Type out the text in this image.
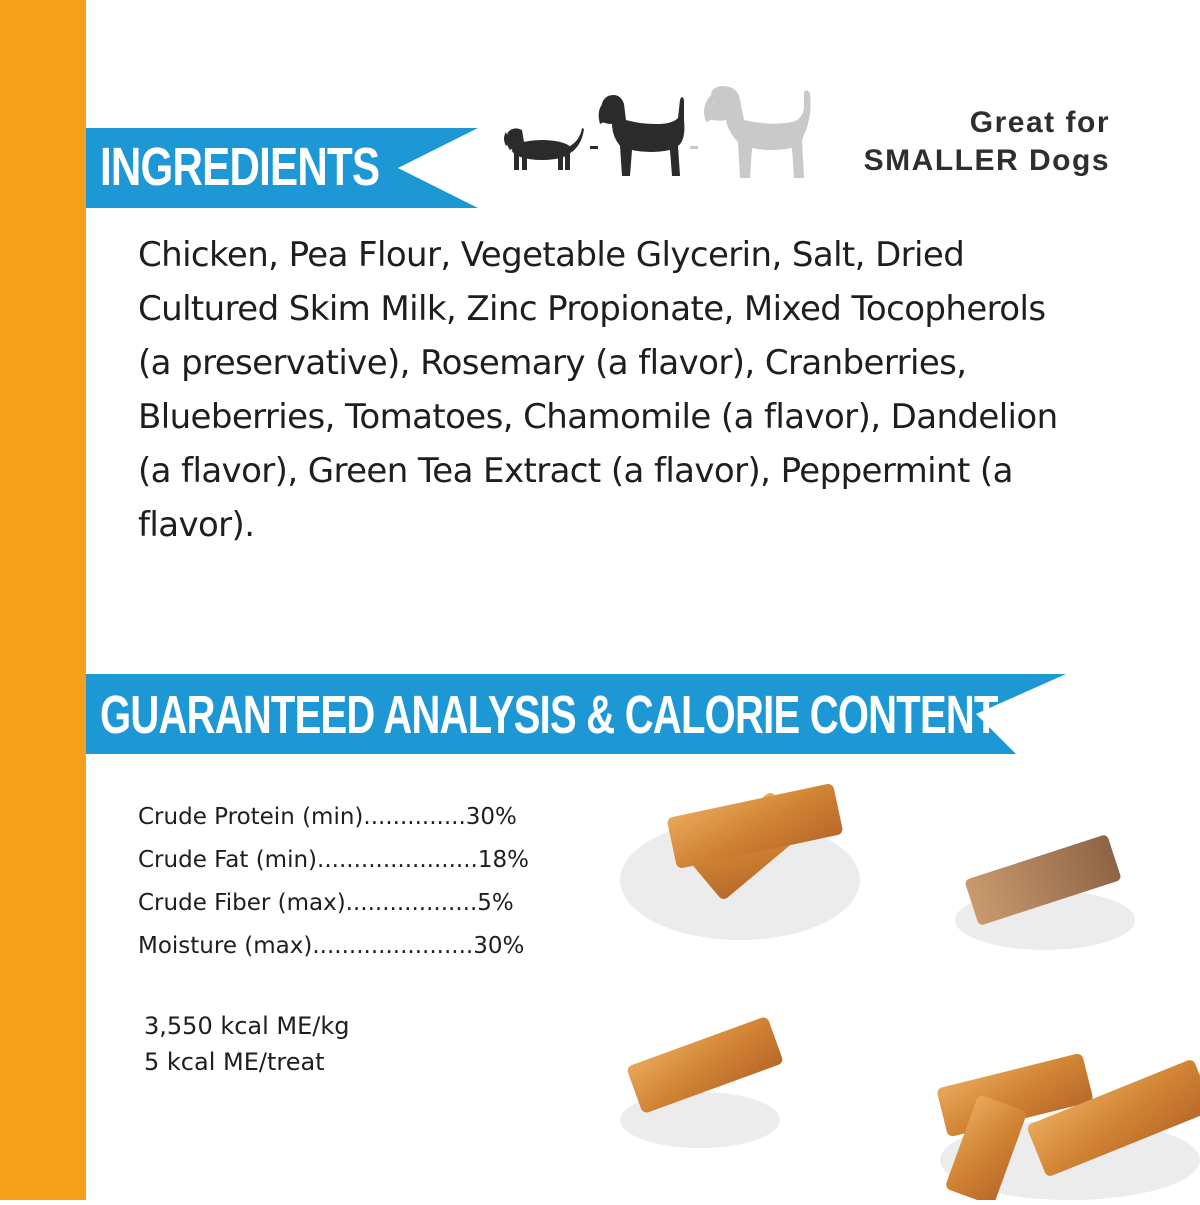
INGREDIENTS
Great for
SMALLER Dogs
Chicken, Pea Flour, Vegetable Glycerin, Salt, Dried Cultured Skim Milk, Zinc Propionate, Mixed Tocopherols (a preservative), Rosemary (a flavor), Cranberries, Blueberries, Tomatoes, Chamomile (a flavor), Dandelion (a flavor), Green Tea Extract (a flavor), Peppermint (a flavor).
GUARANTEED ANALYSIS & CALORIE CONTENT
Crude Protein (min)..............30%
Crude Fat (min)......................18%
Crude Fiber (max)..................5%
Moisture (max)......................30%
3,550 kcal ME/kg
5 kcal ME/treat
